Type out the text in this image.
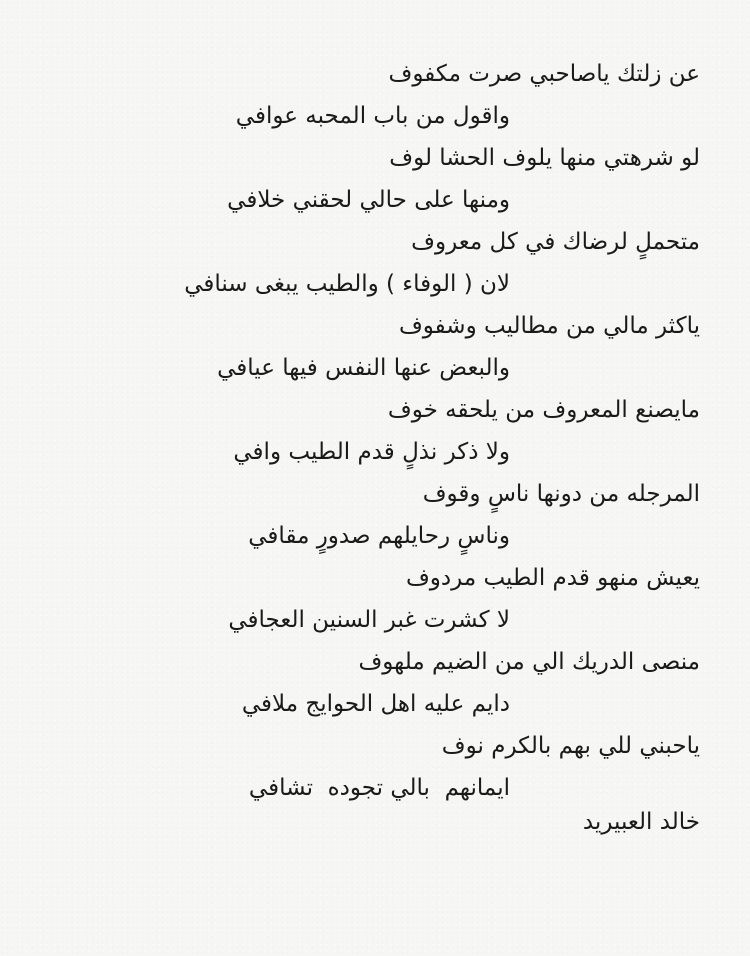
عن زلتك ياصاحبي صرت مكفوف
واقول من باب المحبه عوافي
لو شرهتي منها يلوف الحشا لوف
ومنها على حالي لحقني خلافي
متحملٍ لرضاك في كل معروف
لان ( الوفاء ) والطيب يبغى سنافي
ياكثر مالي من مطاليب وشفوف
والبعض عنها النفس فيها عيافي
مايصنع المعروف من يلحقه خوف
ولا ذكر نذلٍ قدم الطيب وافي
المرجله من دونها ناسٍ وقوف
وناسٍ رحايلهم صدورٍ مقافي
يعيش منهو قدم الطيب مردوف
لا كشرت غبر السنين العجافي
منصى الدريك الي من الضيم ملهوف
دايم عليه اهل الحوايج ملافي
ياحبني للي بهم بالكرم نوف
ايمانهم  بالي تجوده  تشافي
خالد العبيريد
